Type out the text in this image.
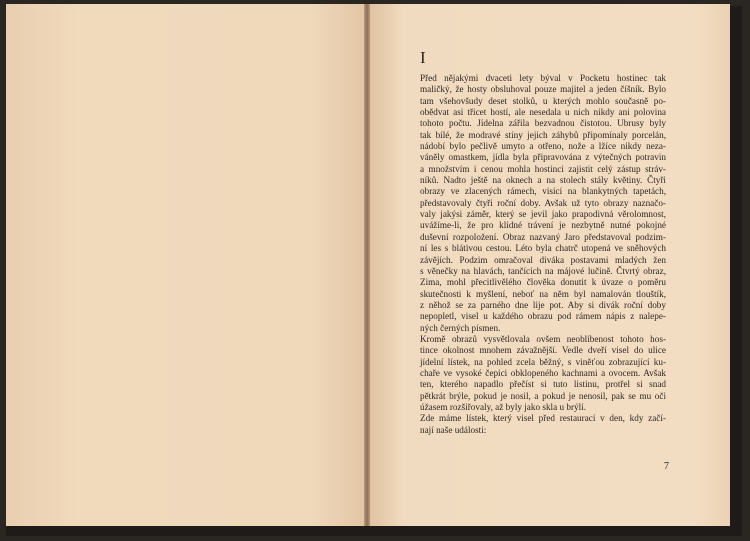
I

Před nějakými dvaceti lety býval v Pocketu hostinec tak
maličký, že hosty obsluhoval pouze majitel a jeden číšník. Bylo
tam všehovšudy deset stolků, u kterých mohlo současně po-
obědvat asi třicet hostí, ale nesedala u nich nikdy ani polovina
tohoto počtu. Jídelna zářila bezvadnou čistotou. Ubrusy byly
tak bílé, že modravé stíny jejich záhybů připomínaly porcelán,
nádobí bylo pečlivě umyto a otřeno, nože a lžíce nikdy neza-
váněly omastkem, jídla byla připravována z výtečných potravin
a množstvím i cenou mohla hostinci zajistit celý zástup stráv-
níků. Nadto ještě na oknech a na stolech stály květiny. Čtyři
obrazy ve zlacených rámech, visící na blankytných tapetách,
představovaly čtyři roční doby. Avšak už tyto obrazy naznačo-
valy jakýsi záměr, který se jevil jako prapodivná věrolomnost,
uvážíme-li, že pro klidné trávení je nezbytně nutné pokojné
duševní rozpoložení. Obraz nazvaný Jaro představoval podzim-
ní les s blátivou cestou. Léto byla chatrč utopená ve sněhových
závějích. Podzim omračoval diváka postavami mladých žen
s věnečky na hlavách, tančících na májové lučině. Čtvrtý obraz,
Zima, mohl přecitlivělého člověka donutit k úvaze o poměru
skutečnosti k myšlení, neboť na něm byl namalován tlouštík,
z něhož se za parného dne lije pot. Aby si divák roční doby
nepopletl, visel u každého obrazu pod rámem nápis z nalepe-
ných černých písmen.

Kromě obrazů vysvětlovala ovšem neoblíbenost tohoto hos-
tince okolnost mnohem závažnější. Vedle dveří visel do ulice
jídelní lístek, na pohled zcela běžný, s viněťou zobrazující ku-
chaře ve vysoké čepici obklopeného kachnami a ovocem. Avšak
ten, kterého napadlo přečíst si tuto listinu, protřel si snad
pětkrát brýle, pokud je nosil, a pokud je nenosil, pak se mu oči
úžasem rozšiřovaly, až byly jako skla u brýlí.

Zde máme lístek, který visel před restaurací v den, kdy začí-
nají naše události:

7
